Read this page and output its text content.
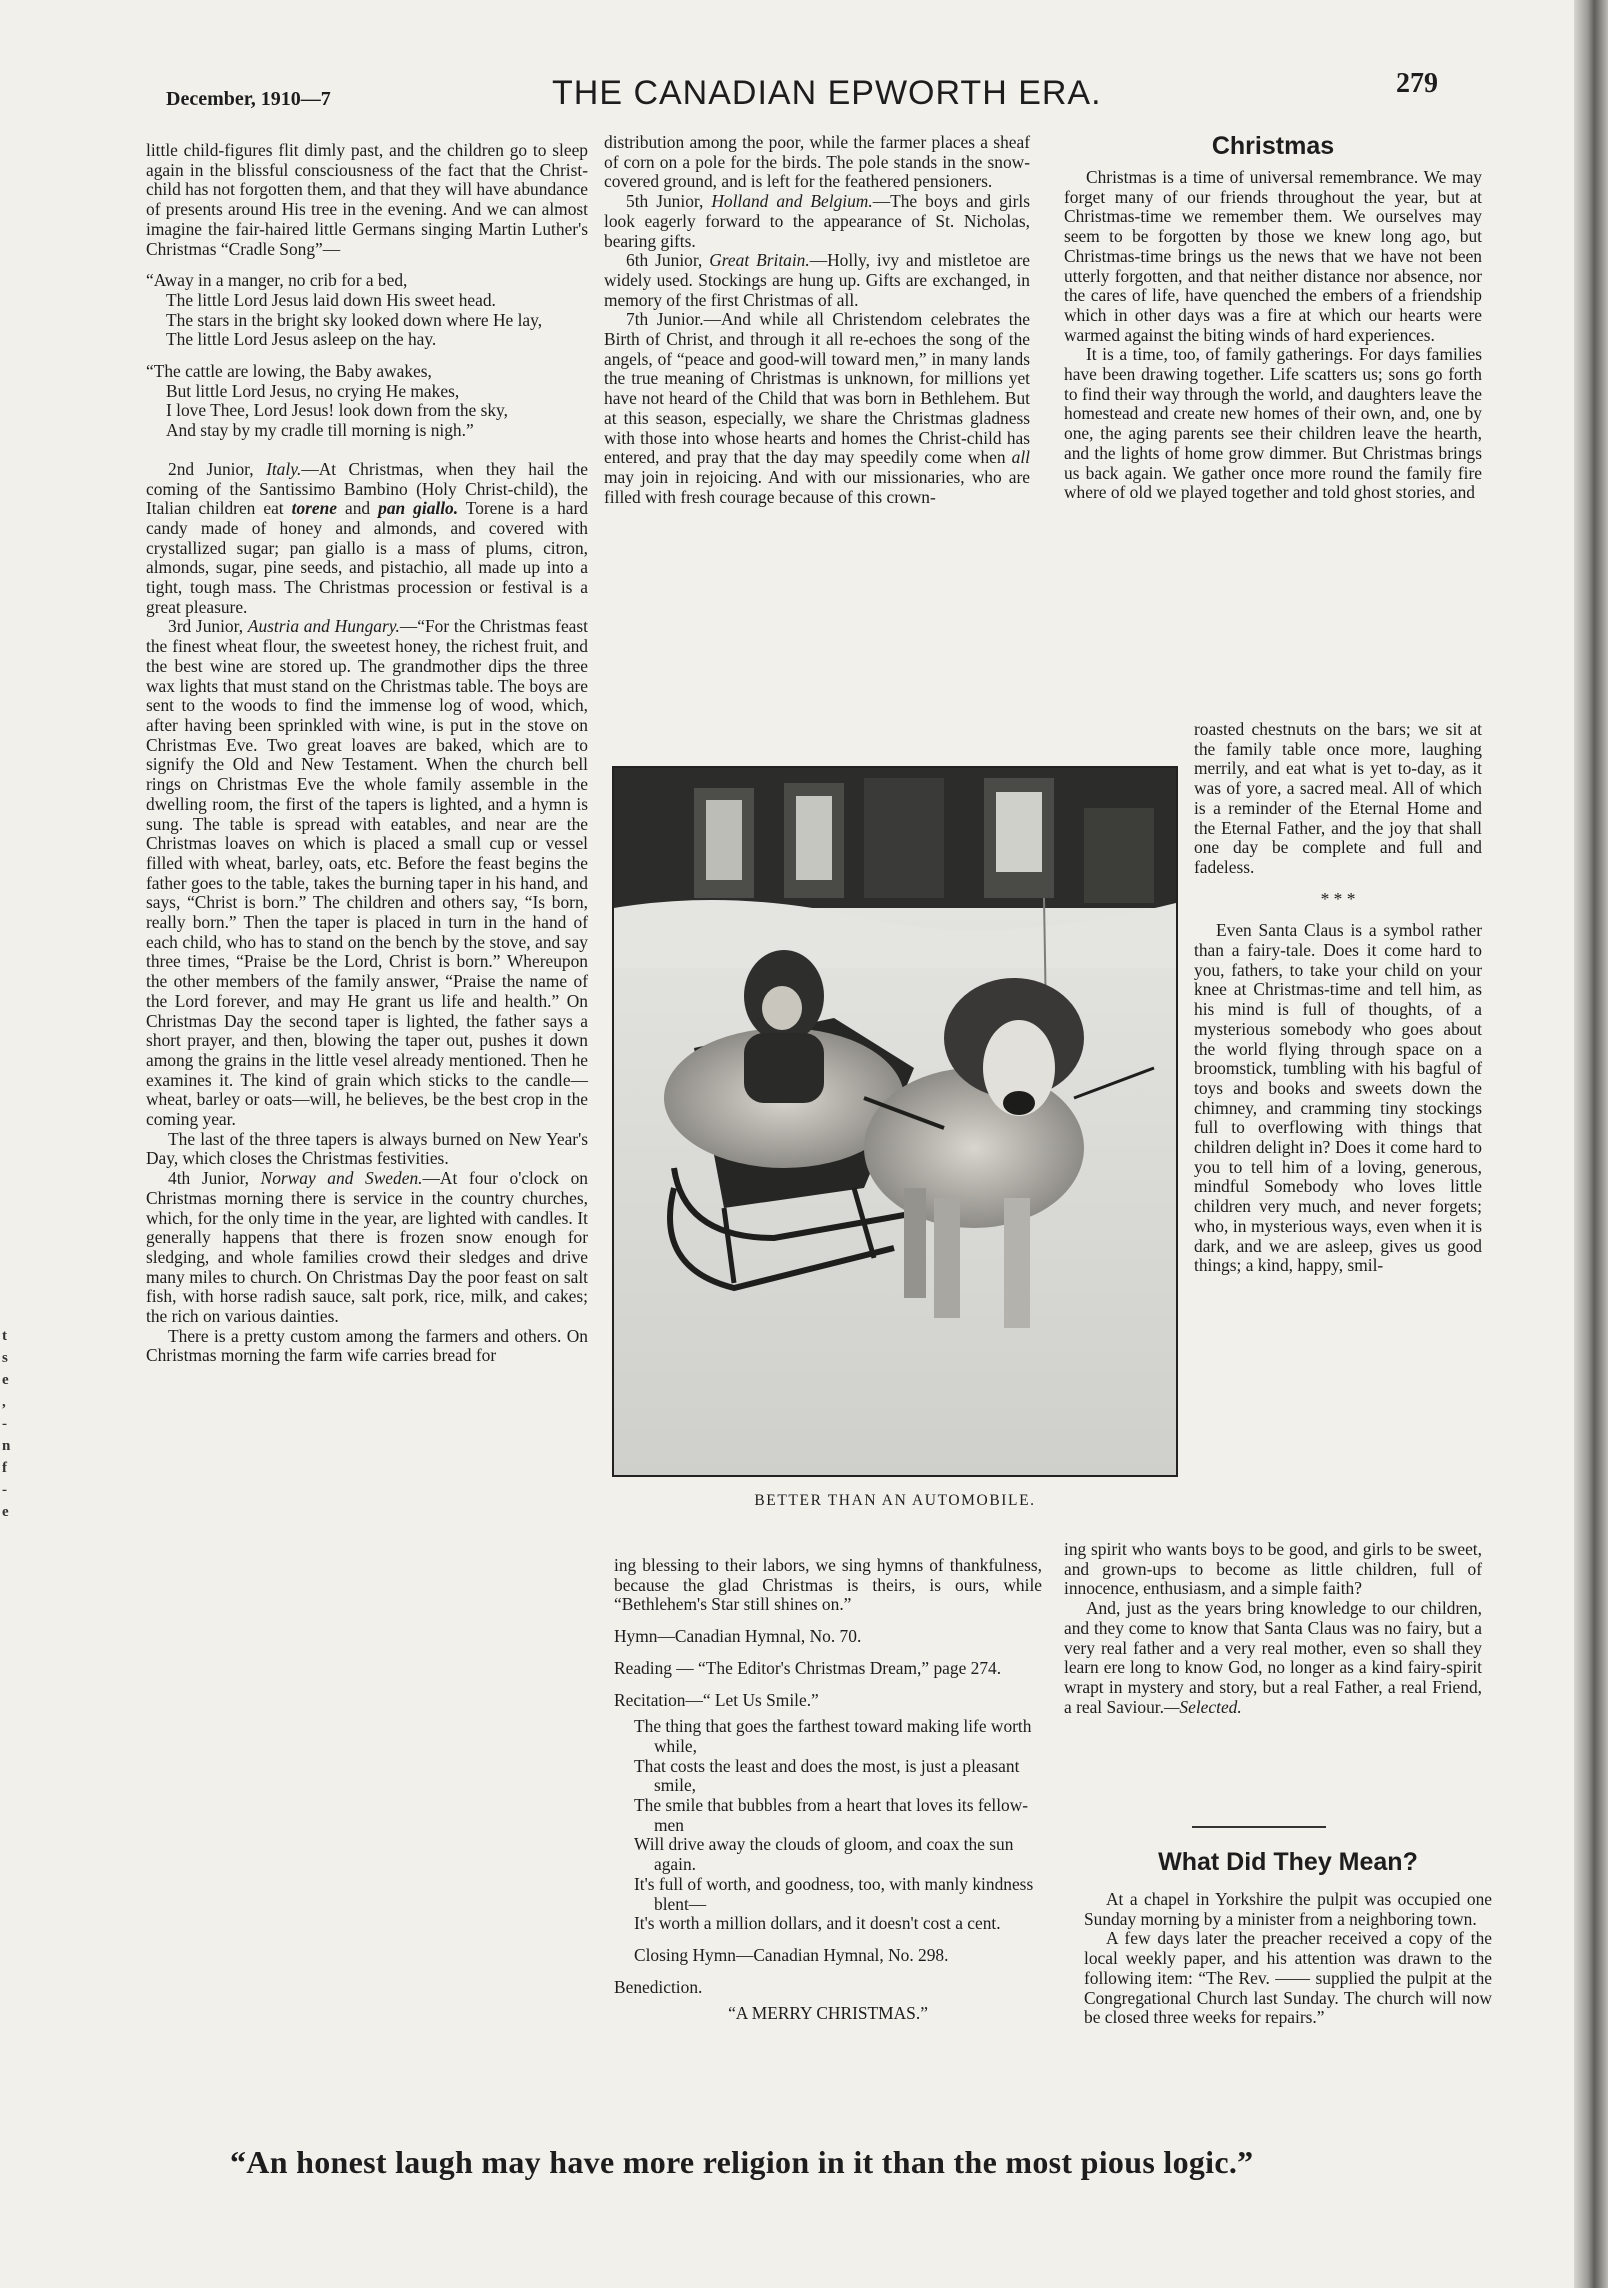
December, 1910—7	THE CANADIAN EPWORTH ERA.	279

little child-figures flit dimly past, and the children go to sleep again in the blissful consciousness of the fact that the Christ-child has not forgotten them, and that they will have abundance of presents around His tree in the evening. And we can almost imagine the fair-haired little Germans singing Martin Luther's Christmas “Cradle Song”—

“Away in a manger, no crib for a bed,
The little Lord Jesus laid down His sweet head.
The stars in the bright sky looked down where He lay,
The little Lord Jesus asleep on the hay.
“The cattle are lowing, the Baby awakes,
But little Lord Jesus, no crying He makes,
I love Thee, Lord Jesus! look down from the sky,
And stay by my cradle till morning is nigh.”

2nd Junior, Italy.—At Christmas, when they hail the coming of the Santissimo Bambino (Holy Christ-child), the Italian children eat torene and pan giallo. Torene is a hard candy made of honey and almonds, and covered with crystallized sugar; pan giallo is a mass of plums, citron, almonds, sugar, pine seeds, and pistachio, all made up into a tight, tough mass. The Christmas procession or festival is a great pleasure.

3rd Junior, Austria and Hungary.—“For the Christmas feast the finest wheat flour, the sweetest honey, the richest fruit, and the best wine are stored up. The grandmother dips the three wax lights that must stand on the Christmas table. The boys are sent to the woods to find the immense log of wood, which, after having been sprinkled with wine, is put in the stove on Christmas Eve. Two great loaves are baked, which are to signify the Old and New Testament. When the church bell rings on Christmas Eve the whole family assemble in the dwelling room, the first of the tapers is lighted, and a hymn is sung. The table is spread with eatables, and near are the Christmas loaves on which is placed a small cup or vessel filled with wheat, barley, oats, etc. Before the feast begins the father goes to the table, takes the burning taper in his hand, and says, “Christ is born.” The children and others say, “Is born, really born.” Then the taper is placed in turn in the hand of each child, who has to stand on the bench by the stove, and say three times, “Praise be the Lord, Christ is born.” Whereupon the other members of the family answer, “Praise the name of the Lord forever, and may He grant us life and health.” On Christmas Day the second taper is lighted, the father says a short prayer, and then, blowing the taper out, pushes it down among the grains in the little vesel already mentioned. Then he examines it. The kind of grain which sticks to the candle—wheat, barley or oats—will, he believes, be the best crop in the coming year.

The last of the three tapers is always burned on New Year's Day, which closes the Christmas festivities.

4th Junior, Norway and Sweden.—At four o'clock on Christmas morning there is service in the country churches, which, for the only time in the year, are lighted with candles. It generally happens that there is frozen snow enough for sledging, and whole families crowd their sledges and drive many miles to church. On Christmas Day the poor feast on salt fish, with horse radish sauce, salt pork, rice, milk, and cakes; the rich on various dainties.

There is a pretty custom among the farmers and others. On Christmas morning the farm wife carries bread for

distribution among the poor, while the farmer places a sheaf of corn on a pole for the birds. The pole stands in the snow-covered ground, and is left for the feathered pensioners.

5th Junior, Holland and Belgium.—The boys and girls look eagerly forward to the appearance of St. Nicholas, bearing gifts.

6th Junior, Great Britain.—Holly, ivy and mistletoe are widely used. Stockings are hung up. Gifts are exchanged, in memory of the first Christmas of all.

7th Junior.—And while all Christendom celebrates the Birth of Christ, and through it all re-echoes the song of the angels, of “peace and good-will toward men,” in many lands the true meaning of Christmas is unknown, for millions yet have not heard of the Child that was born in Bethlehem. But at this season, especially, we share the Christmas gladness with those into whose hearts and homes the Christ-child has entered, and pray that the day may speedily come when all may join in rejoicing. And with our missionaries, who are filled with fresh courage because of this crown-

BETTER THAN AN AUTOMOBILE.

ing blessing to their labors, we sing hymns of thankfulness, because the glad Christmas is theirs, is ours, while “Bethlehem's Star still shines on.”

Hymn—Canadian Hymnal, No. 70.

Reading — “The Editor's Christmas Dream,” page 274.

Recitation—“ Let Us Smile.”

The thing that goes the farthest toward making life worth while,
That costs the least and does the most, is just a pleasant smile,
The smile that bubbles from a heart that loves its fellow-men
Will drive away the clouds of gloom, and coax the sun again.
It's full of worth, and goodness, too, with manly kindness blent—
It's worth a million dollars, and it doesn't cost a cent.

Closing Hymn—Canadian Hymnal, No. 298.

Benediction.

“A MERRY CHRISTMAS.”

Christmas

Christmas is a time of universal remembrance. We may forget many of our friends throughout the year, but at Christmas-time we remember them. We ourselves may seem to be forgotten by those we knew long ago, but Christmas-time brings us the news that we have not been utterly forgotten, and that neither distance nor absence, nor the cares of life, have quenched the embers of a friendship which in other days was a fire at which our hearts were warmed against the biting winds of hard experiences.

It is a time, too, of family gatherings. For days families have been drawing together. Life scatters us; sons go forth to find their way through the world, and daughters leave the homestead and create new homes of their own, and, one by one, the aging parents see their children leave the hearth, and the lights of home grow dimmer. But Christmas brings us back again. We gather once more round the family fire where of old we played together and told ghost stories, and

roasted chestnuts on the bars; we sit at the family table once more, laughing merrily, and eat what is yet to-day, as it was of yore, a sacred meal. All of which is a reminder of the Eternal Home and the Eternal Father, and the joy that shall one day be complete and full and fadeless.

* * *

Even Santa Claus is a symbol rather than a fairy-tale. Does it come hard to you, fathers, to take your child on your knee at Christmas-time and tell him, as his mind is full of thoughts, of a mysterious somebody who goes about the world flying through space on a broomstick, tumbling with his bagful of toys and books and sweets down the chimney, and cramming tiny stockings full to overflowing with things that children delight in? Does it come hard to you to tell him of a loving, generous, mindful Somebody who loves little children very much, and never forgets; who, in mysterious ways, even when it is dark, and we are asleep, gives us good things; a kind, happy, smil-

ing spirit who wants boys to be good, and girls to be sweet, and grown-ups to become as little children, full of innocence, enthusiasm, and a simple faith?

And, just as the years bring knowledge to our children, and they come to know that Santa Claus was no fairy, but a very real father and a very real mother, even so shall they learn ere long to know God, no longer as a kind fairy-spirit wrapt in mystery and story, but a real Father, a real Friend, a real Saviour.—Selected.

What Did They Mean?

At a chapel in Yorkshire the pulpit was occupied one Sunday morning by a minister from a neighboring town.

A few days later the preacher received a copy of the local weekly paper, and his attention was drawn to the following item: “The Rev. —— supplied the pulpit at the Congregational Church last Sunday. The church will now be closed three weeks for repairs.”

“An honest laugh may have more religion in it than the most pious logic.”
t
s
e
,
-
n
f
-
e
